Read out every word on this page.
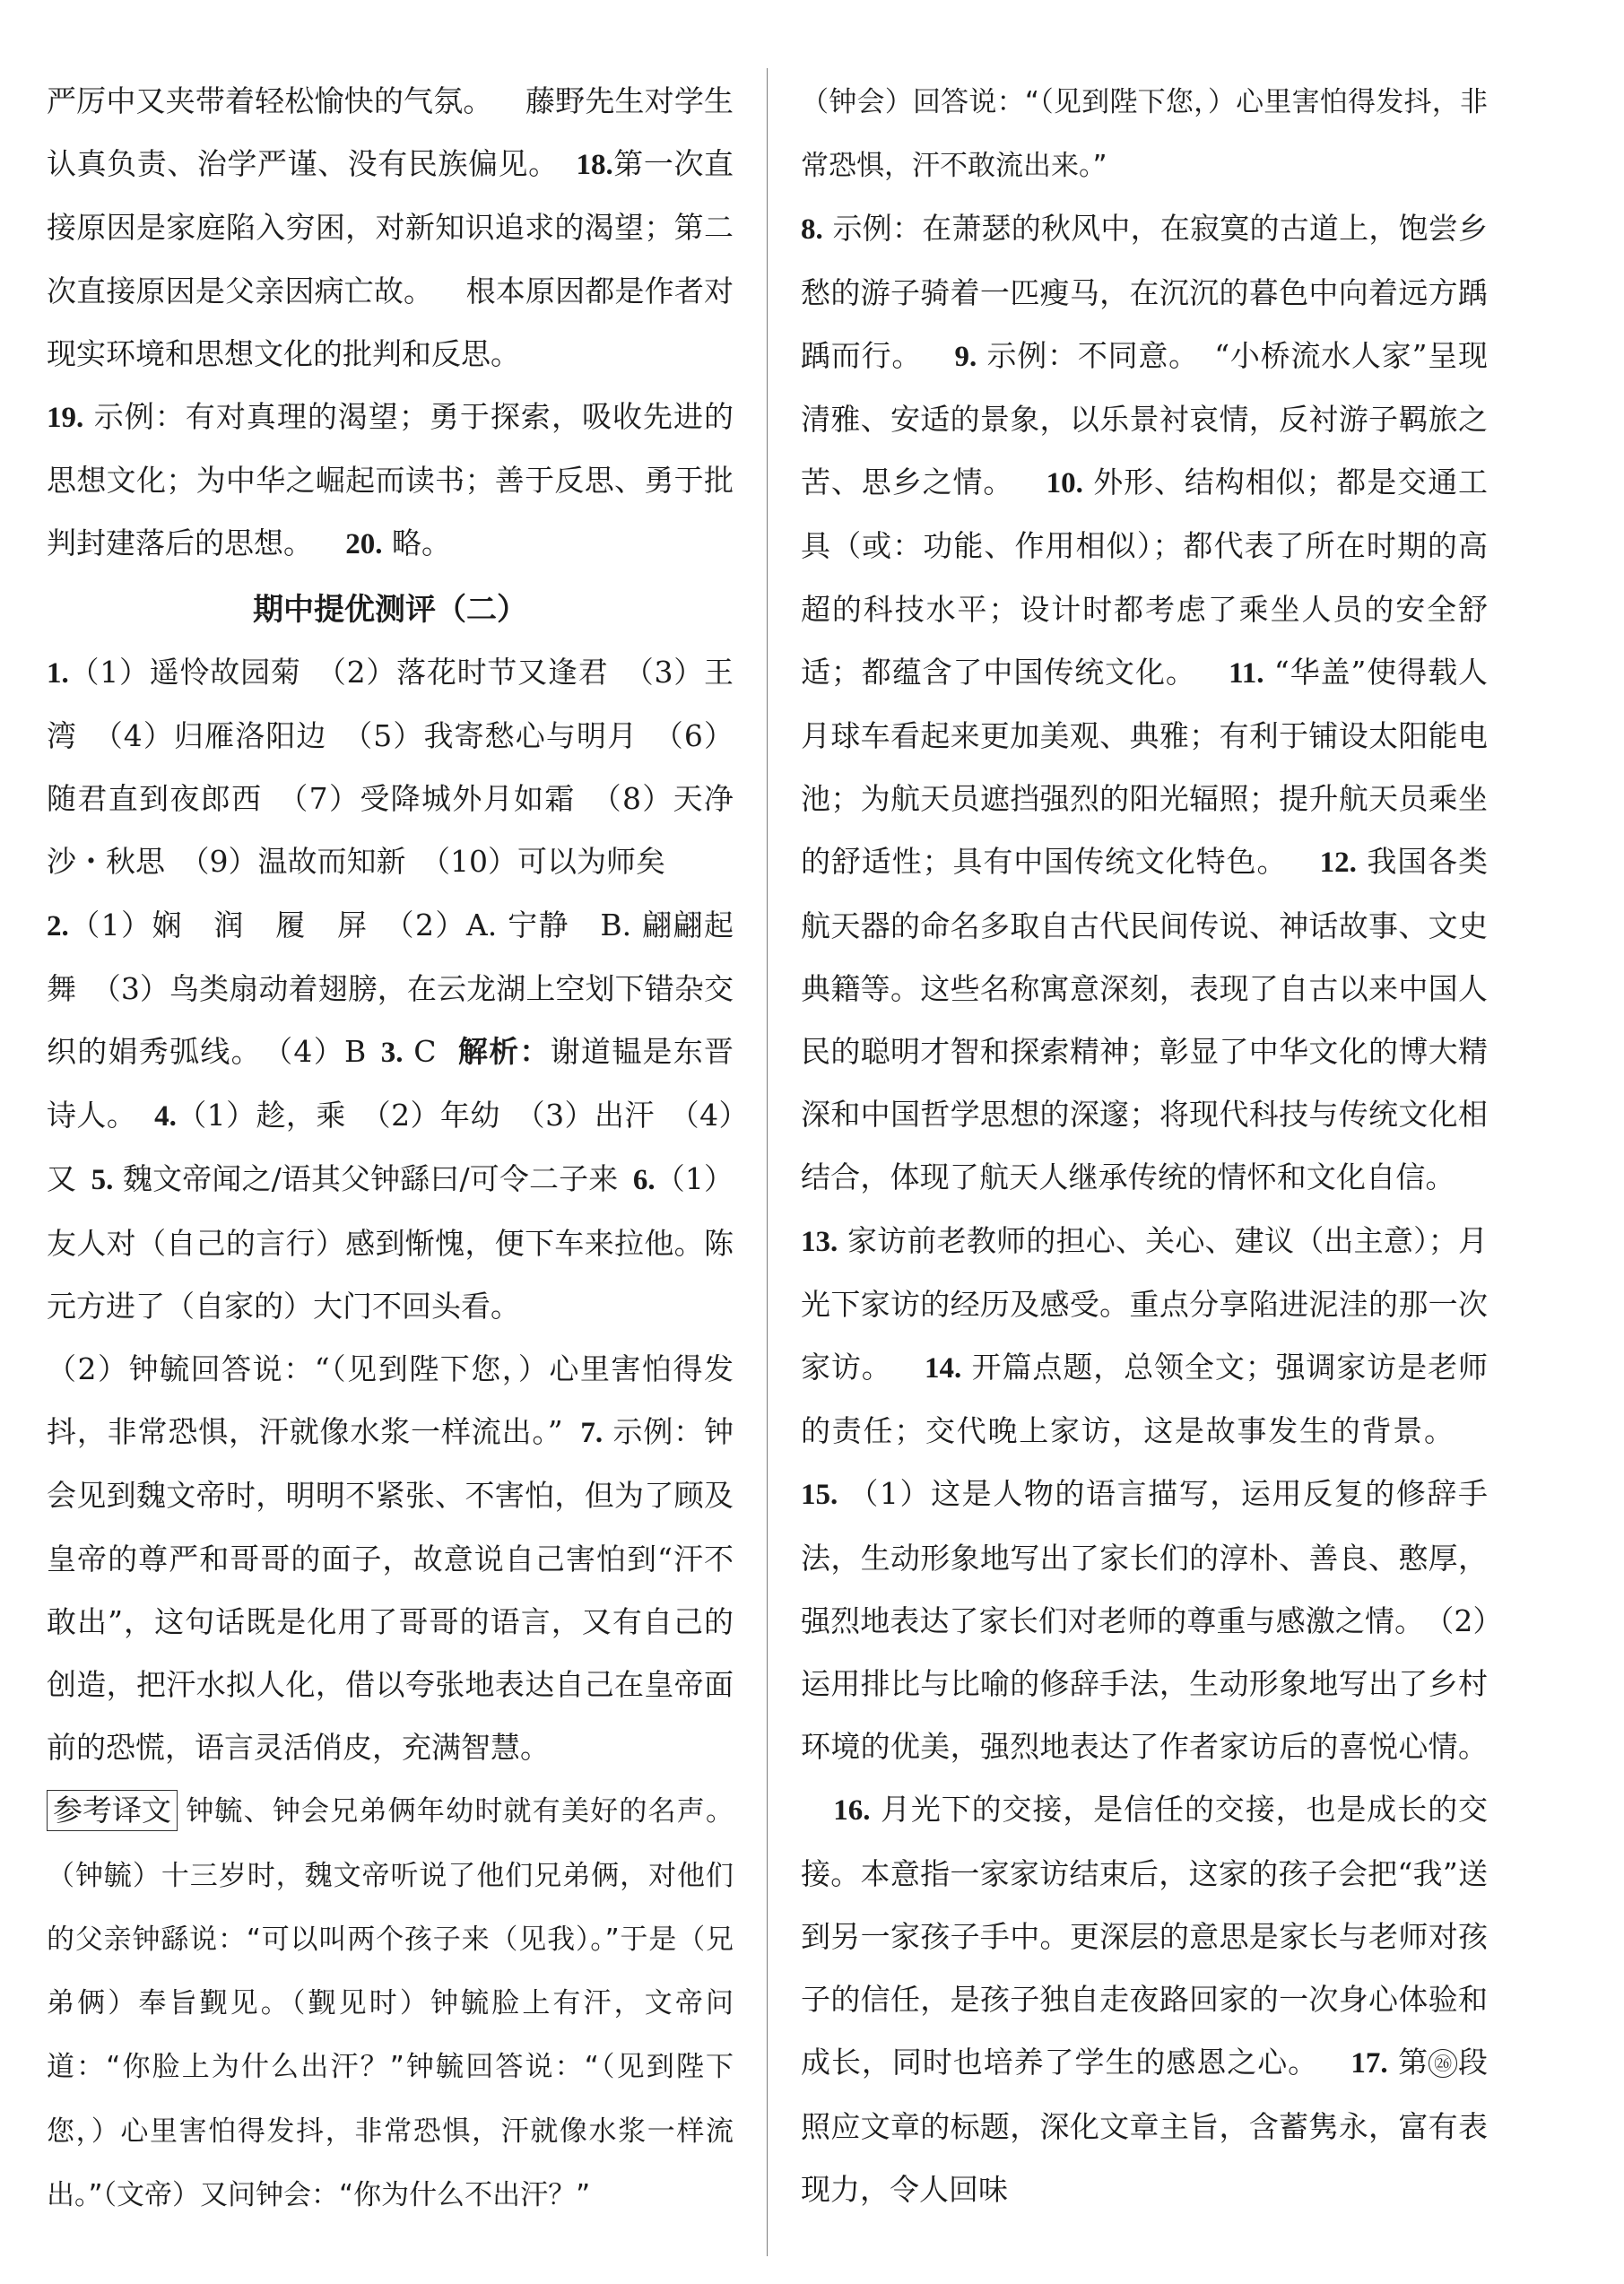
严厉中又夹带着轻松愉快的气氛。 藤野先生对学生认真负责、治学严谨、没有民族偏见。 18.第一次直接原因是家庭陷入穷困，对新知识追求的渴望；第二次直接原因是父亲因病亡故。 根本原因都是作者对现实环境和思想文化的批判和反思。

19. 示例：有对真理的渴望；勇于探索，吸收先进的思想文化；为中华之崛起而读书；善于反思、勇于批判封建落后的思想。 20. 略。

期中提优测评（二）

1.（1）遥怜故园菊　（2）落花时节又逢君　（3）王湾　（4）归雁洛阳边　（5）我寄愁心与明月　（6）随君直到夜郎西　（7）受降城外月如霜　（8）天净沙・秋思　（9）温故而知新　（10）可以为师矣

2.（1）娴　润　履　屏　（2）A. 宁静　B. 翩翩起舞　（3）鸟类扇动着翅膀，在云龙湖上空划下错杂交织的娟秀弧线。　（4）B 3. C 解析：谢道韫是东晋诗人。 4.（1）趁，乘　（2）年幼　（3）出汗　（4）又 5. 魏文帝闻之/语其父钟繇曰/可令二子来 6.（1）友人对（自己的言行）感到惭愧，便下车来拉他。陈元方进了（自家的）大门不回头看。

（2）钟毓回答说：“（见到陛下您，）心里害怕得发抖，非常恐惧，汗就像水浆一样流出。” 7. 示例：钟会见到魏文帝时，明明不紧张、不害怕，但为了顾及皇帝的尊严和哥哥的面子，故意说自己害怕到“汗不敢出”，这句话既是化用了哥哥的语言，又有自己的创造，把汗水拟人化，借以夸张地表达自己在皇帝面前的恐慌，语言灵活俏皮，充满智慧。

参考译文 钟毓、钟会兄弟俩年幼时就有美好的名声。（钟毓）十三岁时，魏文帝听说了他们兄弟俩，对他们的父亲钟繇说：“可以叫两个孩子来（见我）。”于是（兄弟俩）奉旨觐见。（觐见时）钟毓脸上有汗，文帝问道：“你脸上为什么出汗？”钟毓回答说：“（见到陛下您，）心里害怕得发抖，非常恐惧，汗就像水浆一样流出。”（文帝）又问钟会：“你为什么不出汗？”

（钟会）回答说：“（见到陛下您，）心里害怕得发抖，非常恐惧，汗不敢流出来。”

8. 示例：在萧瑟的秋风中，在寂寞的古道上，饱尝乡愁的游子骑着一匹瘦马，在沉沉的暮色中向着远方踽踽而行。 9. 示例：不同意。　“小桥流水人家”呈现清雅、安适的景象，以乐景衬哀情，反衬游子羁旅之苦、思乡之情。 10. 外形、结构相似；都是交通工具（或：功能、作用相似）；都代表了所在时期的高超的科技水平；设计时都考虑了乘坐人员的安全舒适；都蕴含了中国传统文化。 11. “华盖”使得载人月球车看起来更加美观、典雅；有利于铺设太阳能电池；为航天员遮挡强烈的阳光辐照；提升航天员乘坐的舒适性；具有中国传统文化特色。 12. 我国各类航天器的命名多取自古代民间传说、神话故事、文史典籍等。这些名称寓意深刻，表现了自古以来中国人民的聪明才智和探索精神；彰显了中华文化的博大精深和中国哲学思想的深邃；将现代科技与传统文化相结合，体现了航天人继承传统的情怀和文化自信。13. 家访前老教师的担心、关心、建议（出主意）；月光下家访的经历及感受。重点分享陷进泥洼的那一次家访。 14. 开篇点题，总领全文；强调家访是老师的责任；交代晚上家访，这是故事发生的背景。15. （1）这是人物的语言描写，运用反复的修辞手法，生动形象地写出了家长们的淳朴、善良、憨厚，强烈地表达了家长们对老师的尊重与感激之情。　（2）运用排比与比喻的修辞手法，生动形象地写出了乡村环境的优美，强烈地表达了作者家访后的喜悦心情。16. 月光下的交接，是信任的交接，也是成长的交接。本意指一家家访结束后，这家的孩子会把“我”送到另一家孩子手中。更深层的意思是家长与老师对孩子的信任，是孩子独自走夜路回家的一次身心体验和成长，同时也培养了学生的感恩之心。 17. 第 ㉖ 段照应文章的标题，深化文章主旨，含蓄隽永，富有表现力，令人回味
